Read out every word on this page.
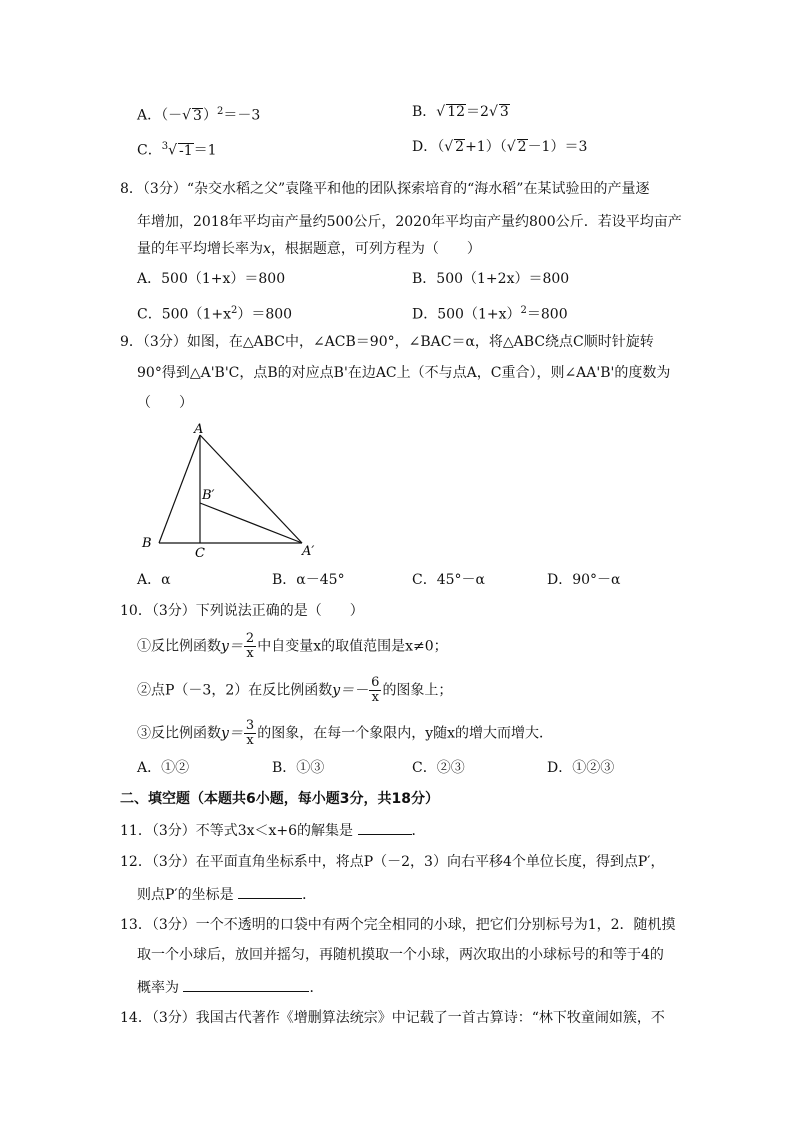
A．（－√ 3）$^2$＝－3	B．√ 12＝2√ 3
C．$^3$√ -1＝1	D．（√ 2+1）（√ 2－1）＝3
8．（3分）“杂交水稻之父”袁隆平和他的团队探索培育的“海水稻”在某试验田的产量逐
年增加，2018年平均亩产量约500公斤，2020年平均亩产量约800公斤．若设平均亩产
量的年平均增长率为x，根据题意，可列方程为（　　）
A．500（1+x）＝800	B．500（1+2x）＝800
C．$500(1+x^2)=800$	D．$500(1+x)^2=800$
9．（3分）如图，在△ABC中，∠ACB＝90°，∠BAC＝α，将△ABC绕点C顺时针旋转
90°得到△A'B'C，点B的对应点B'在边AC上（不与点A，C重合），则∠AA'B'的度数为
（　　）
A
B
C
B′
A′
A．α	B．α－45°	C．45°－α	D．90°－α
10．（3分）下列说法正确的是（　　）
①反比例函数$y= \frac{2}{x}$ 中自变量x的取值范围是x≠0；
②点P（－3，2）在反比例函数$y=- \frac{6}{x}$ 的图象上；
③反比例函数$y= \frac{3}{x}$ 的图象，在每一个象限内，y随x的增大而增大．
A．①②	B．①③	C．②③	D．①②③
二、填空题（本题共6小题，每小题3分，共18分）
11．（3分）不等式3x＜x+6的解集是	．
12．（3分）在平面直角坐标系中，将点P（－2，3）向右平移4个单位长度，得到点P′，
则点P′的坐标是	．
13．（3分）一个不透明的口袋中有两个完全相同的小球，把它们分别标号为1，2．随机摸
取一个小球后，放回并摇匀，再随机摸取一个小球，两次取出的小球标号的和等于4的
概率为	．
14．（3分）我国古代著作《增删算法统宗》中记载了一首古算诗：“林下牧童闹如簇，不
